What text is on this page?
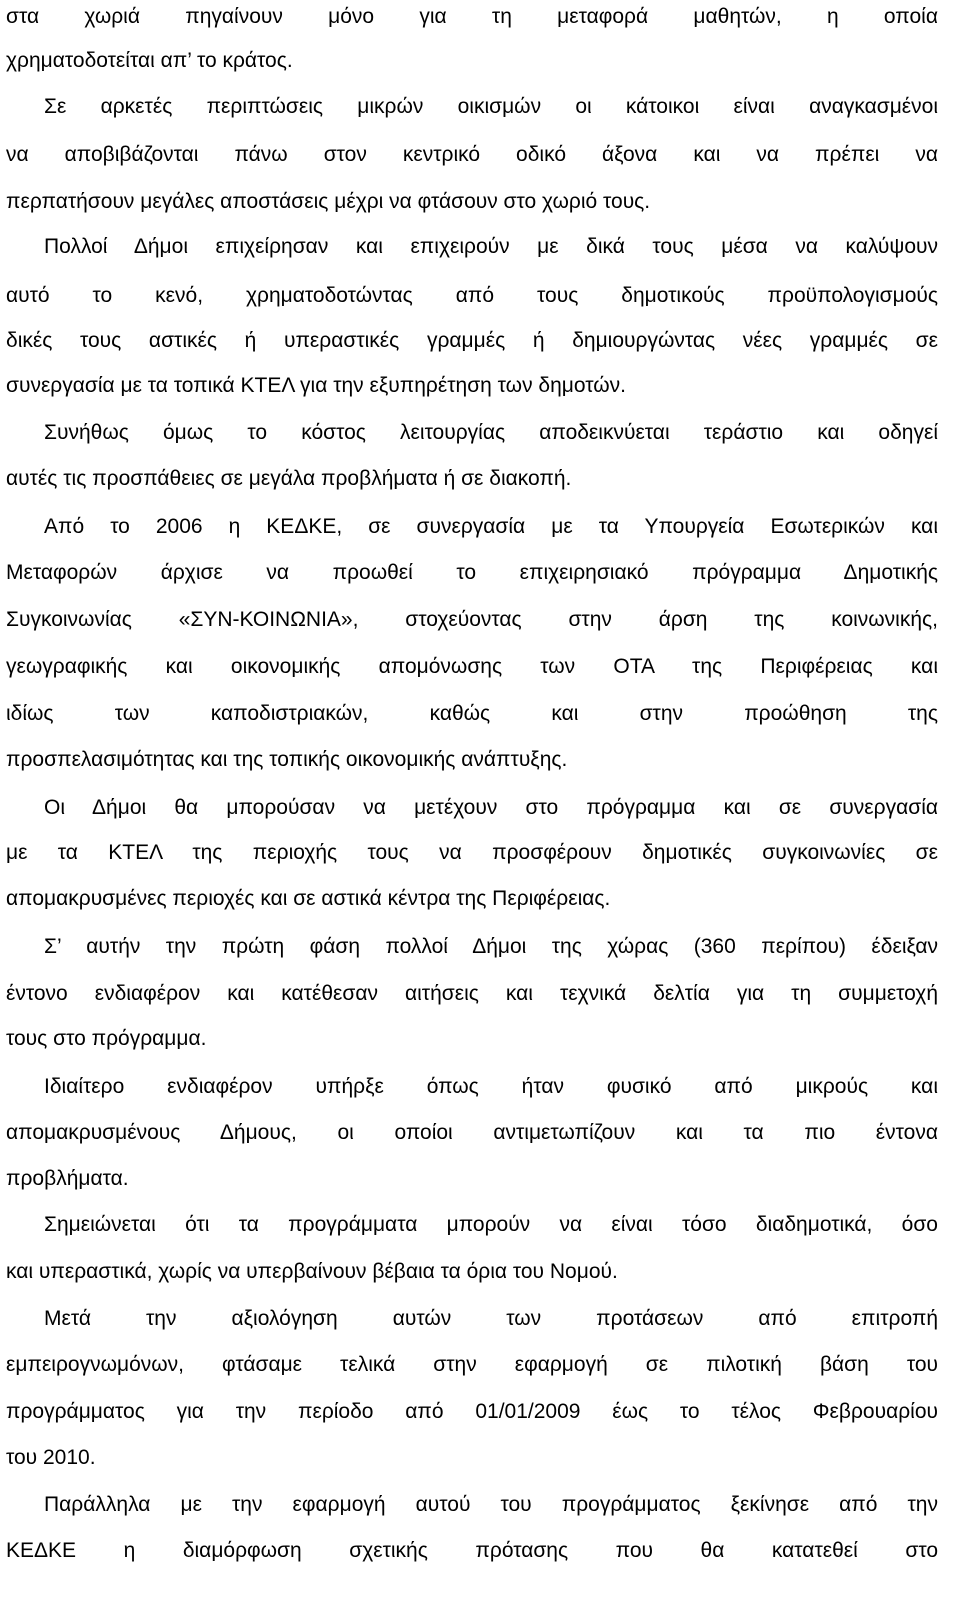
στα χωριά πηγαίνουν μόνο για τη μεταφορά μαθητών, η οποία
χρηματοδοτείται απ’ το κράτος.
Σε αρκετές περιπτώσεις μικρών οικισμών οι κάτοικοι είναι αναγκασμένοι
να αποβιβάζονται πάνω στον κεντρικό οδικό άξονα και να πρέπει να
περπατήσουν μεγάλες αποστάσεις μέχρι να φτάσουν στο χωριό τους.
Πολλοί Δήμοι επιχείρησαν και επιχειρούν με δικά τους μέσα να καλύψουν
αυτό το κενό, χρηματοδοτώντας από τους δημοτικούς προϋπολογισμούς
δικές τους αστικές ή υπεραστικές γραμμές ή δημιουργώντας νέες γραμμές σε
συνεργασία με τα τοπικά ΚΤΕΛ για την εξυπηρέτηση των δημοτών.
Συνήθως όμως το κόστος λειτουργίας αποδεικνύεται τεράστιο και οδηγεί
αυτές τις προσπάθειες σε μεγάλα προβλήματα ή σε διακοπή.
Από το 2006 η ΚΕΔΚΕ, σε συνεργασία με τα Υπουργεία Εσωτερικών και
Μεταφορών άρχισε να προωθεί το επιχειρησιακό πρόγραμμα Δημοτικής
Συγκοινωνίας «ΣΥΝ-ΚΟΙΝΩΝΙΑ», στοχεύοντας στην άρση της κοινωνικής,
γεωγραφικής και οικονομικής απομόνωσης των ΟΤΑ της Περιφέρειας και
ιδίως των καποδιστριακών, καθώς και στην προώθηση της
προσπελασιμότητας και της τοπικής οικονομικής ανάπτυξης.
Οι Δήμοι θα μπορούσαν να μετέχουν στο πρόγραμμα και σε συνεργασία
με τα ΚΤΕΛ της περιοχής τους να προσφέρουν δημοτικές συγκοινωνίες σε
απομακρυσμένες περιοχές και σε αστικά κέντρα της Περιφέρειας.
Σ’ αυτήν την πρώτη φάση πολλοί Δήμοι της χώρας (360 περίπου) έδειξαν
έντονο ενδιαφέρον και κατέθεσαν αιτήσεις και τεχνικά δελτία για τη συμμετοχή
τους στο πρόγραμμα.
Ιδιαίτερο ενδιαφέρον υπήρξε όπως ήταν φυσικό από μικρούς και
απομακρυσμένους Δήμους, οι οποίοι αντιμετωπίζουν και τα πιο έντονα
προβλήματα.
Σημειώνεται ότι τα προγράμματα μπορούν να είναι τόσο διαδημοτικά, όσο
και υπεραστικά, χωρίς να υπερβαίνουν βέβαια τα όρια του Νομού.
Μετά την αξιολόγηση αυτών των προτάσεων από επιτροπή
εμπειρογνωμόνων, φτάσαμε τελικά στην εφαρμογή σε πιλοτική βάση του
προγράμματος για την περίοδο από 01/01/2009 έως το τέλος Φεβρουαρίου
του 2010.
Παράλληλα με την εφαρμογή αυτού του προγράμματος ξεκίνησε από την
ΚΕΔΚΕ η διαμόρφωση σχετικής πρότασης που θα κατατεθεί στο
